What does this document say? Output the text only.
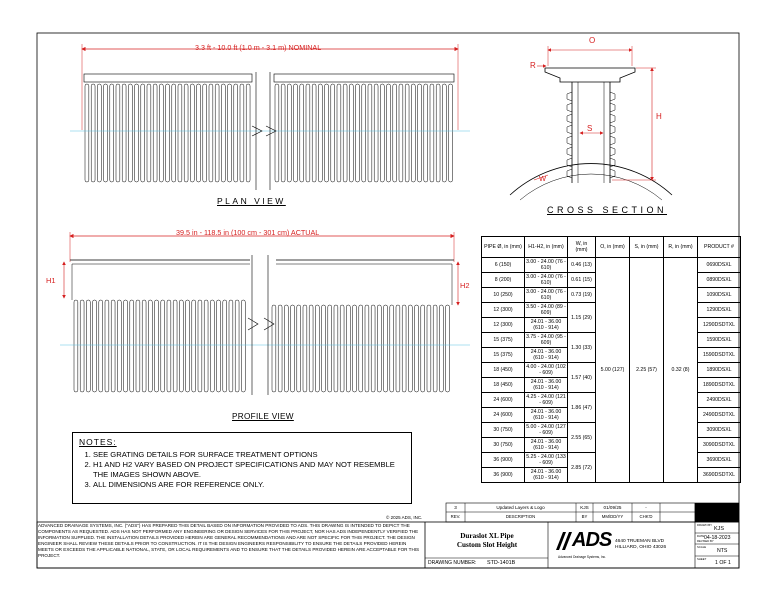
3.3 ft - 10.0 ft (1.0 m - 3.1 m) NOMINAL
PLAN VIEW
39.5 in - 118.5 in (100 cm - 301 cm) ACTUAL
H1
H2
PROFILE VIEW
O
R
H
S
W
CROSS SECTION
NOTES:
1. SEE GRATING DETAILS FOR SURFACE TREATMENT OPTIONS
2. H1 AND H2 VARY BASED ON PROJECT SPECIFICATIONS AND MAY NOT RESEMBLE THE IMAGES SHOWN ABOVE.
3. ALL DIMENSIONS ARE FOR REFERENCE ONLY.
PIPE Ø, in (mm)	H1-H2, in (mm)	W, in (mm)	O, in (mm)	S, in (mm)	R, in (mm)	PRODUCT #
6 (150)	3.00 - 24.00 (76 - 610)	0.46 (13)	5.00 (127)	2.25 (57)	0.32 (8)	0690DSXL
8 (200)	3.00 - 24.00 (76 - 610)	0.61 (15)				0890DSXL
10 (250)	3.00 - 24.00 (76 - 610)	0.73 (19)				1090DSXL
12 (300)	3.50 - 24.00 (89 - 609)	1.15 (29)				1290DSXL
12 (300)	24.01 - 36.00 (610 - 914)					1290DSDTXL
15 (375)	3.75 - 24.00 (95 - 609)	1.30 (33)				1590DSXL
15 (375)	24.01 - 36.00 (610 - 914)					1590DSDTXL
18 (450)	4.00 - 24.00 (102 - 609)	1.57 (40)				1890DSXL
18 (450)	24.01 - 36.00 (610 - 914)					1890DSDTXL
24 (600)	4.25 - 24.00 (121 - 609)	1.86 (47)				2490DSXL
24 (600)	24.01 - 36.00 (610 - 914)					2490DSDTXL
30 (750)	5.00 - 24.00 (127 - 609)	2.55 (65)				3090DSXL
30 (750)	24.01 - 36.00 (610 - 914)					3090DSDTXL
36 (900)	5.25 - 24.00 (133 - 609)	2.85 (72)				3690DSXL
36 (900)	24.01 - 36.00 (610 - 914)					3690DSDTXL
© 2025 ADS, INC.
3	Updated Layers & Logo	KJS	01/09/25	-
REV.	DESCRIPTION	BY	MM/DD/YY	CHK'D
ADVANCED DRAINAGE SYSTEMS, INC. ("ADS") HAS PREPARED THIS DETAIL BASED ON INFORMATION PROVIDED TO ADS. THIS DRAWING IS INTENDED TO DEPICT THE COMPONENTS AS REQUESTED. ADS HAS NOT PERFORMED ANY ENGINEERING OR DESIGN SERVICES FOR THIS PROJECT, NOR HAS ADS INDEPENDENTLY VERIFIED THE INFORMATION SUPPLIED. THE INSTALLATION DETAILS PROVIDED HEREIN ARE GENERAL RECOMMENDATIONS AND ARE NOT SPECIFIC FOR THIS PROJECT. THE DESIGN ENGINEER SHALL REVIEW THESE DETAILS PRIOR TO CONSTRUCTION. IT IS THE DESIGN ENGINEERS RESPONSIBILITY TO ENSURE THE DETAILS PROVIDED HEREIN MEETS OR EXCEEDS THE APPLICABLE NATIONAL, STATE, OR LOCAL REQUIREMENTS AND TO ENSURE THAT THE DETAILS PROVIDED HEREIN ARE ACCEPTABLE FOR THIS PROJECT.
Duraslot XL Pipe
Custom Slot Height
DRAWING NUMBER: STD-1401B
ADS
Advanced Drainage Systems, Inc.
4640 TRUEMAN BLVD
HILLIARD, OHIO 43026
DRAWN BY
KJS
DATE 04-18-2023
REVISED BY
SCALE
NTS
SHEET
1 OF 1
